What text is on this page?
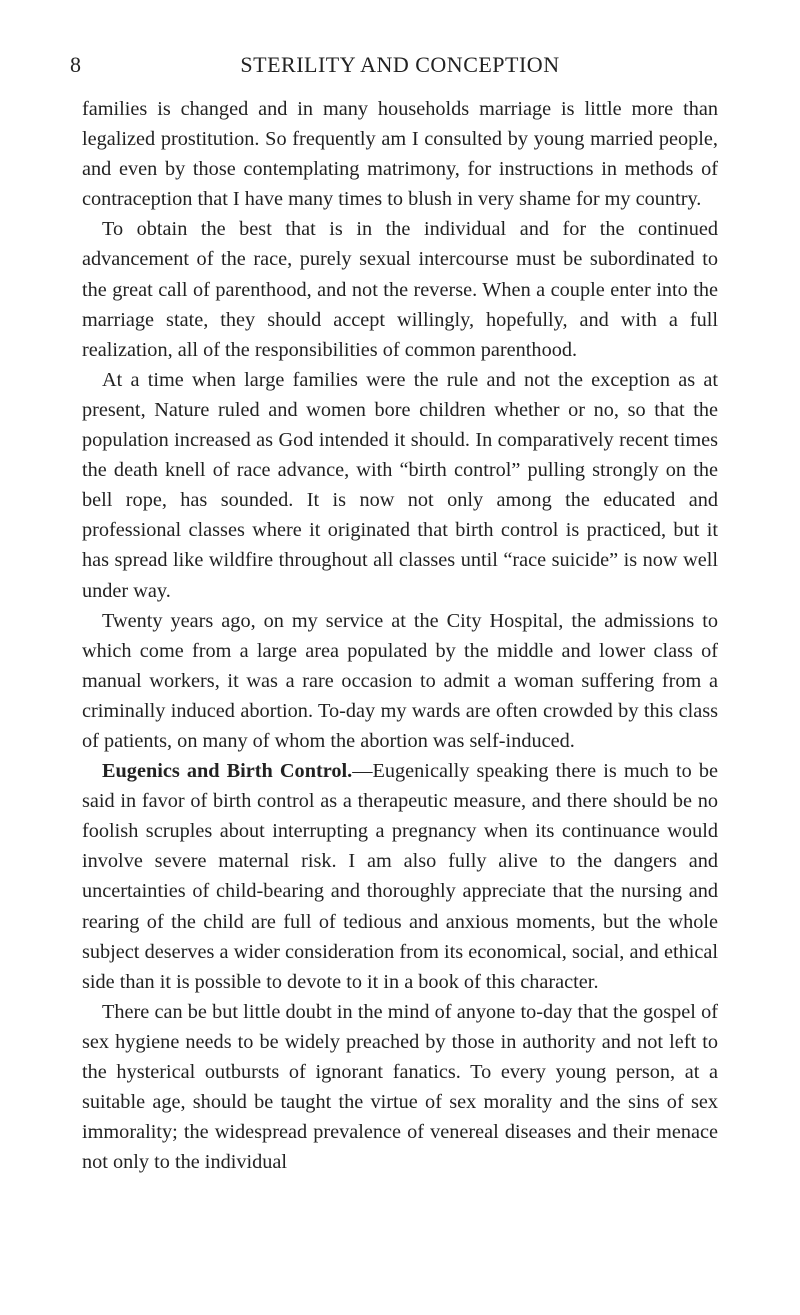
8	STERILITY AND CONCEPTION

families is changed and in many households marriage is little more than legalized prostitution. So frequently am I consulted by young married people, and even by those contemplating matrimony, for instructions in methods of contraception that I have many times to blush in very shame for my country.

To obtain the best that is in the individual and for the continued advancement of the race, purely sexual intercourse must be subordinated to the great call of parenthood, and not the reverse. When a couple enter into the marriage state, they should accept willingly, hopefully, and with a full realization, all of the responsibilities of common parenthood.

At a time when large families were the rule and not the exception as at present, Nature ruled and women bore children whether or no, so that the population increased as God intended it should. In comparatively recent times the death knell of race advance, with “birth control” pulling strongly on the bell rope, has sounded. It is now not only among the educated and professional classes where it originated that birth control is practiced, but it has spread like wildfire throughout all classes until “race suicide” is now well under way.

Twenty years ago, on my service at the City Hospital, the admissions to which come from a large area populated by the middle and lower class of manual workers, it was a rare occasion to admit a woman suffering from a criminally induced abortion. To-day my wards are often crowded by this class of patients, on many of whom the abortion was self-induced.

Eugenics and Birth Control.—Eugenically speaking there is much to be said in favor of birth control as a therapeutic measure, and there should be no foolish scruples about interrupting a pregnancy when its continuance would involve severe maternal risk. I am also fully alive to the dangers and uncertainties of child-bearing and thoroughly appreciate that the nursing and rearing of the child are full of tedious and anxious moments, but the whole subject deserves a wider consideration from its economical, social, and ethical side than it is possible to devote to it in a book of this character.

There can be but little doubt in the mind of anyone to-day that the gospel of sex hygiene needs to be widely preached by those in authority and not left to the hysterical outbursts of ignorant fanatics. To every young person, at a suitable age, should be taught the virtue of sex morality and the sins of sex immorality; the widespread prevalence of venereal diseases and their menace not only to the individual
